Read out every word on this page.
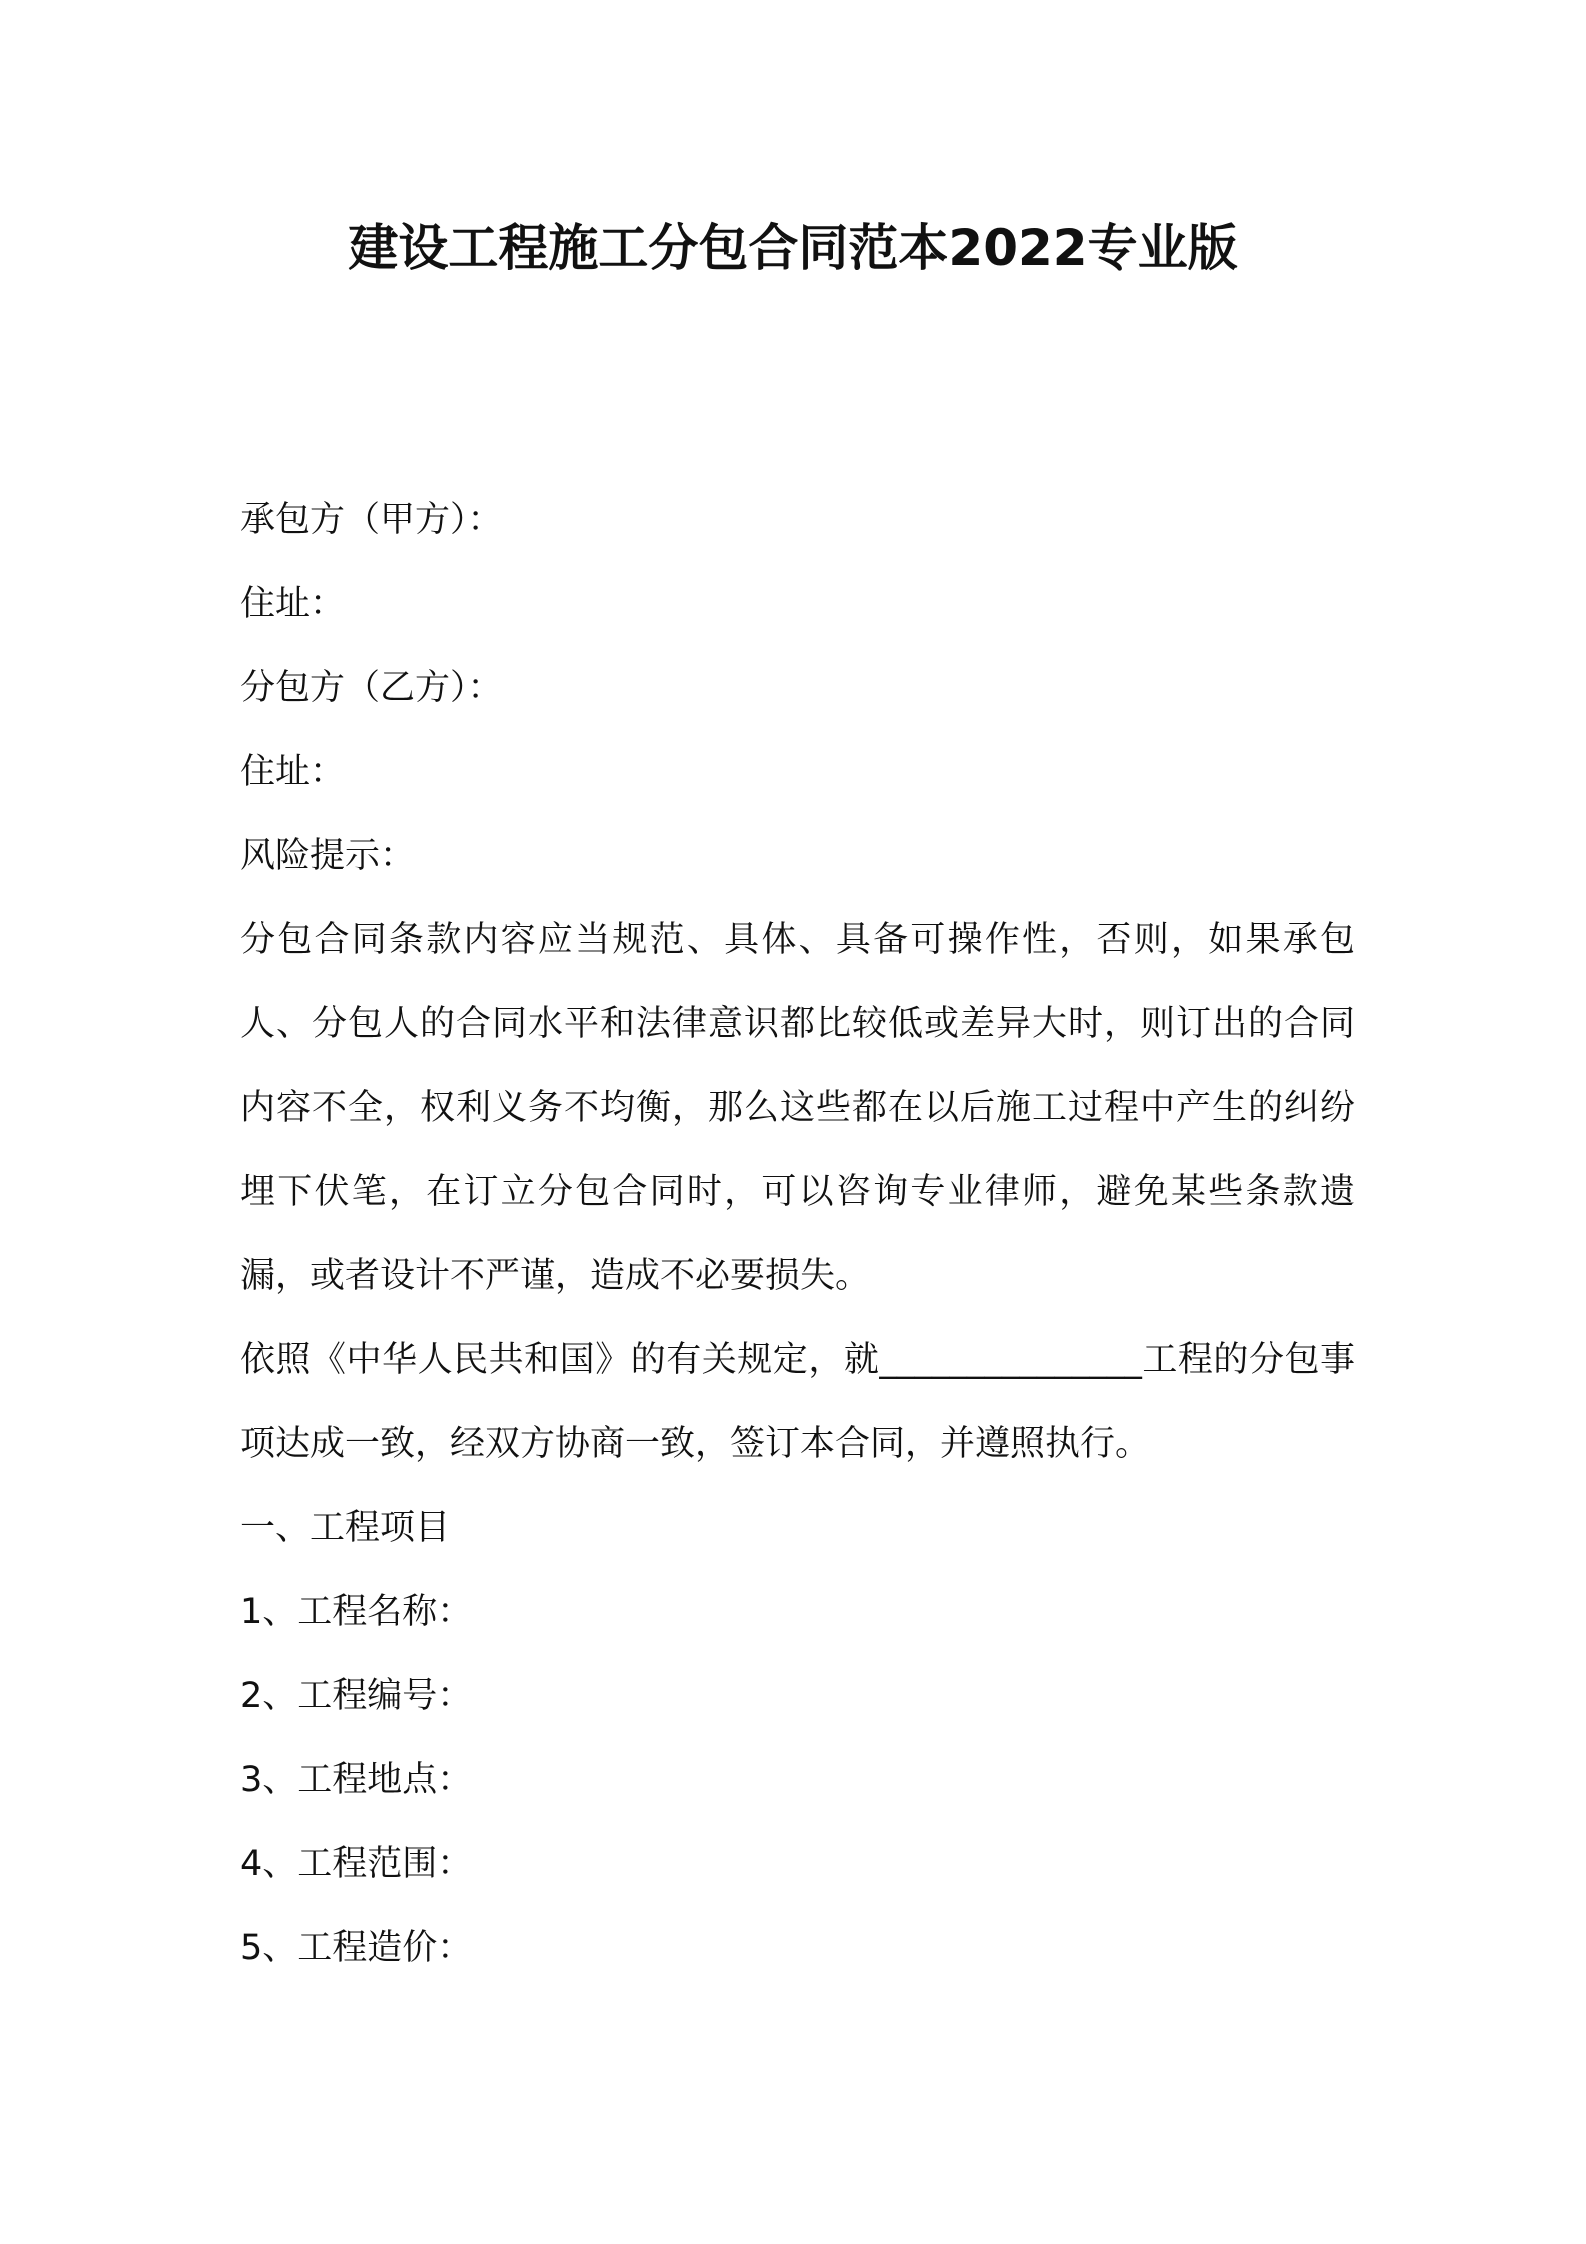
建设工程施工分包合同范本2022专业版
承包方（甲方）：
住址：
分包方（乙方）：
住址：
风险提示：
分包合同条款内容应当规范、具体、具备可操作性，否则，如果承包人、分包人的合同水平和法律意识都比较低或差异大时，则订出的合同内容不全，权利义务不均衡，那么这些都在以后施工过程中产生的纠纷埋下伏笔，在订立分包合同时，可以咨询专业律师，避免某些条款遗漏，或者设计不严谨，造成不必要损失。
依照《中华人民共和国》的有关规定，就_______________工程的分包事项达成一致，经双方协商一致，签订本合同，并遵照执行。
一、工程项目
1、工程名称：
2、工程编号：
3、工程地点：
4、工程范围：
5、工程造价：
